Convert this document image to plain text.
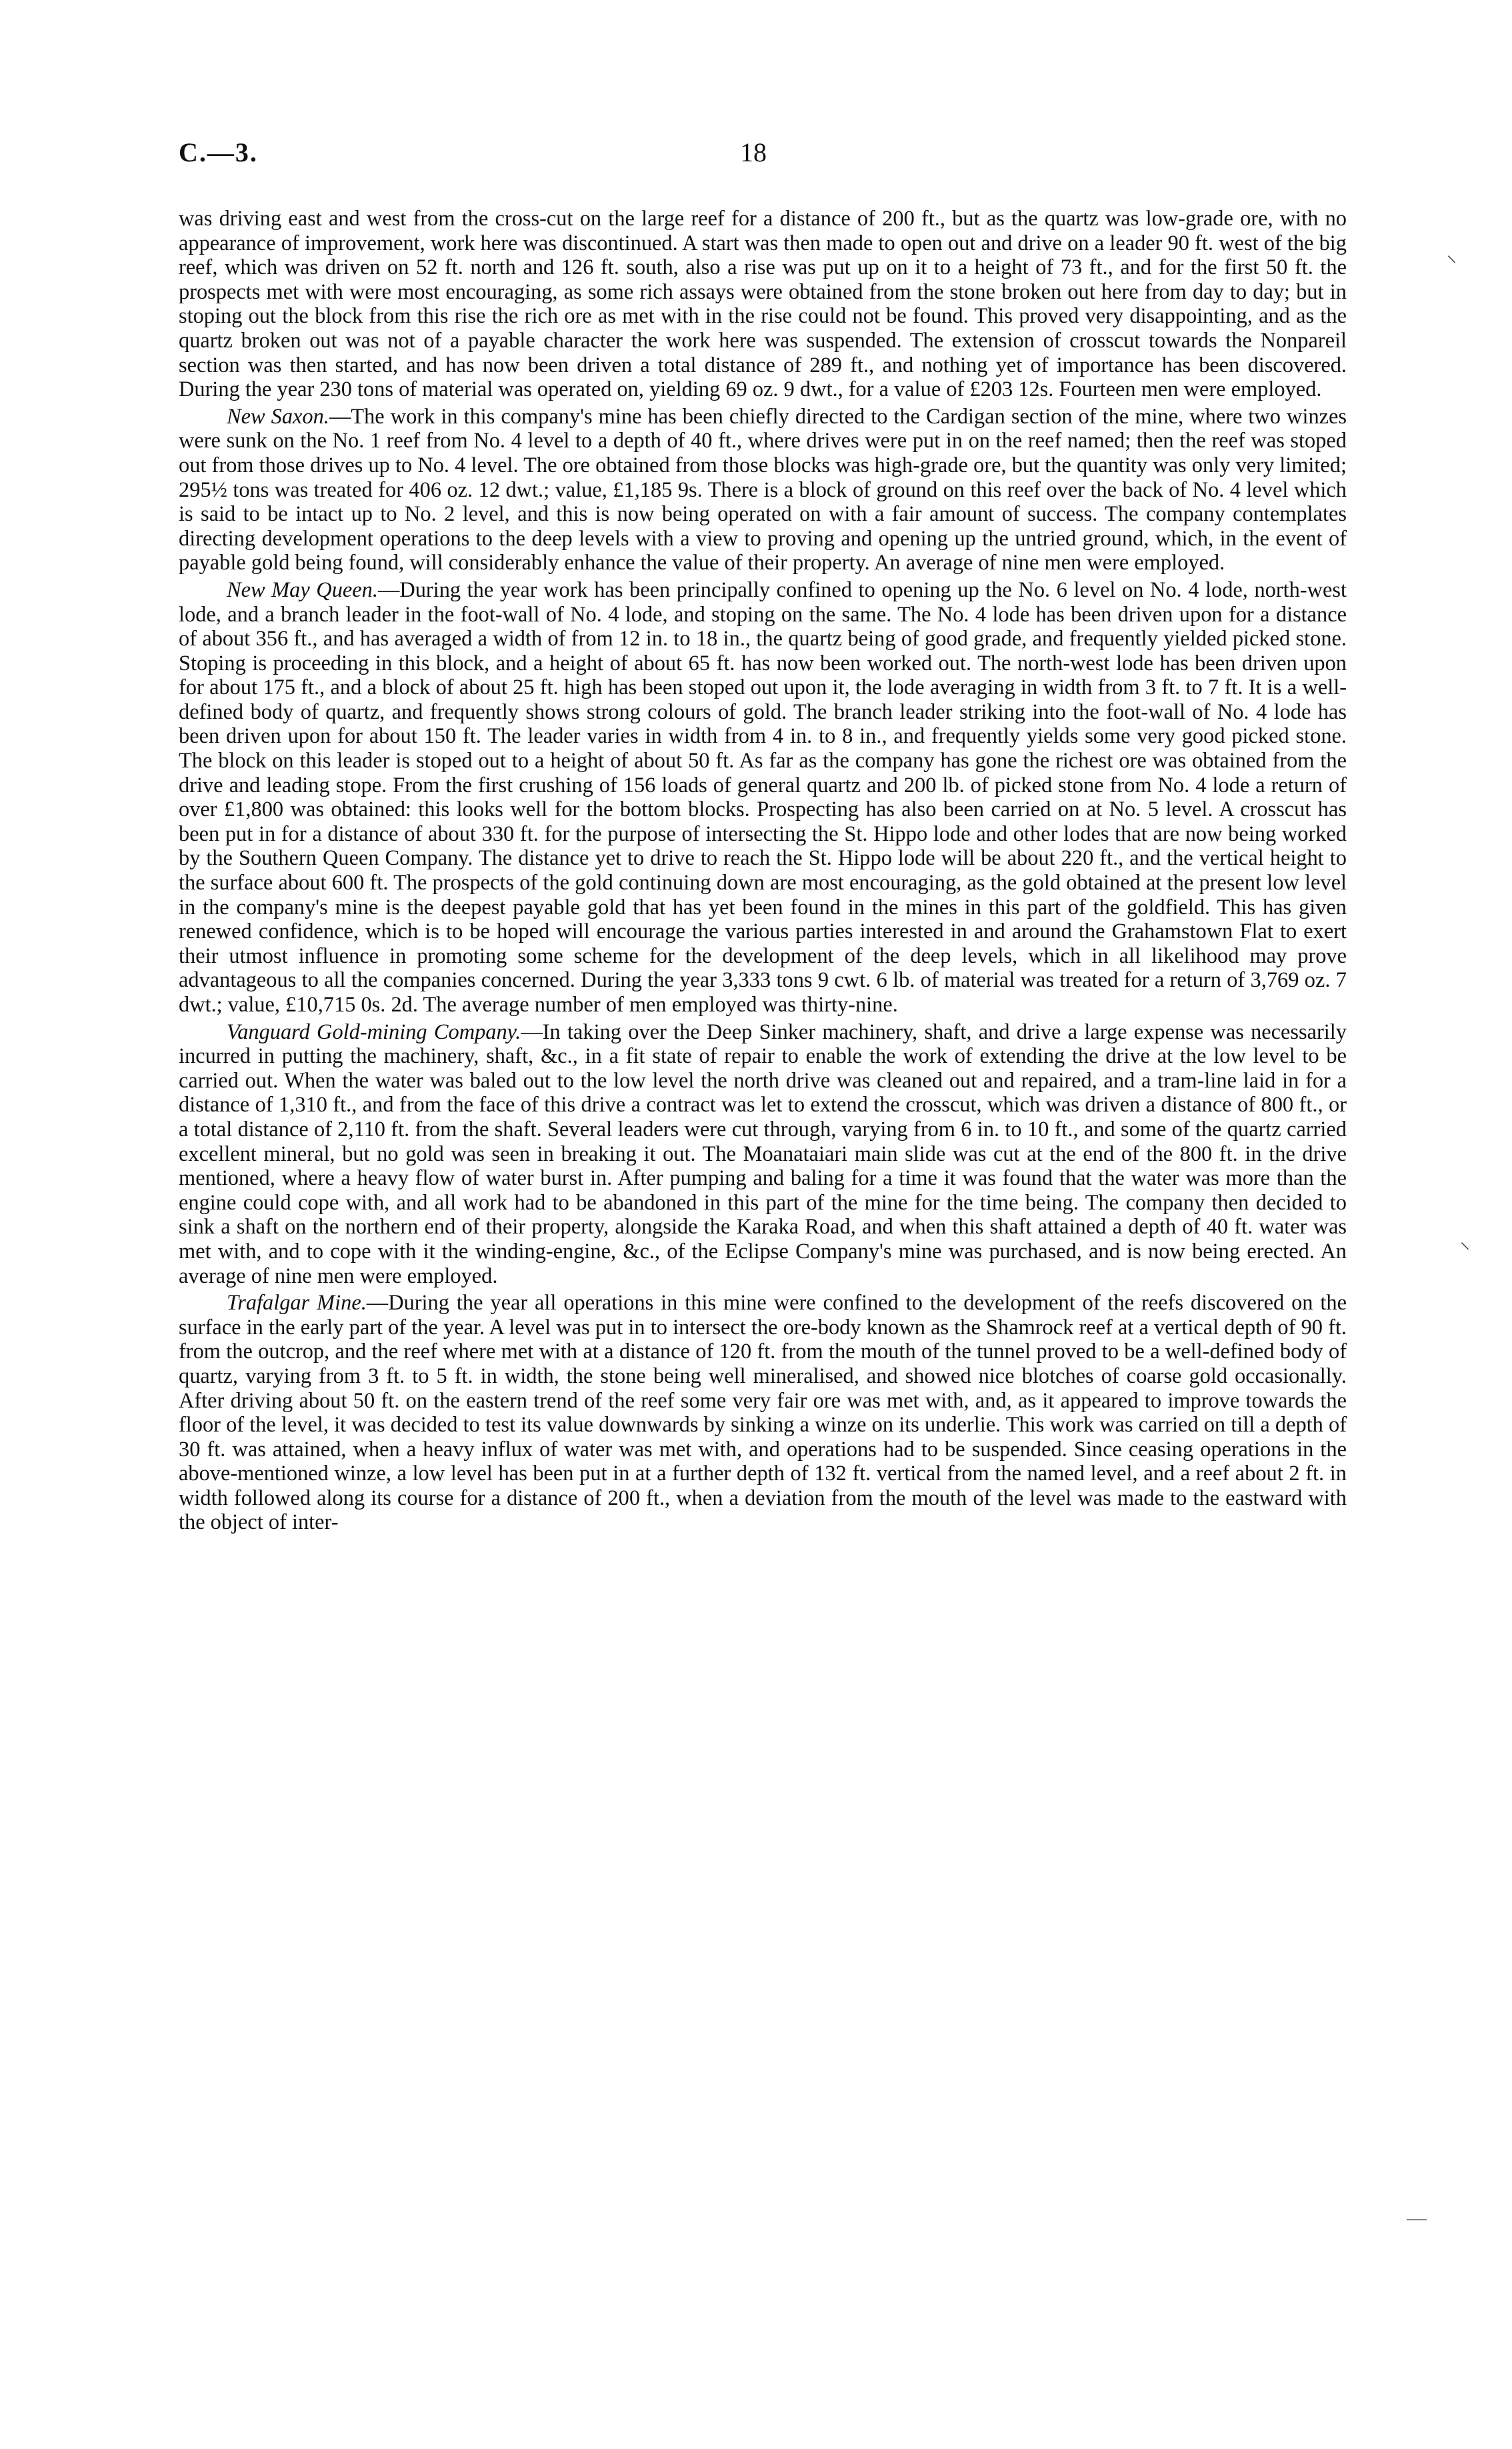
C.—3.	18

was driving east and west from the cross-cut on the large reef for a distance of 200 ft., but as the quartz was low-grade ore, with no appearance of improvement, work here was discontinued. A start was then made to open out and drive on a leader 90 ft. west of the big reef, which was driven on 52 ft. north and 126 ft. south, also a rise was put up on it to a height of 73 ft., and for the first 50 ft. the prospects met with were most encouraging, as some rich assays were obtained from the stone broken out here from day to day; but in stoping out the block from this rise the rich ore as met with in the rise could not be found. This proved very disappointing, and as the quartz broken out was not of a payable character the work here was suspended. The extension of crosscut towards the Nonpareil section was then started, and has now been driven a total distance of 289 ft., and nothing yet of importance has been discovered. During the year 230 tons of material was operated on, yielding 69 oz. 9 dwt., for a value of £203 12s. Fourteen men were employed.

New Saxon.—The work in this company's mine has been chiefly directed to the Cardigan section of the mine, where two winzes were sunk on the No. 1 reef from No. 4 level to a depth of 40 ft., where drives were put in on the reef named; then the reef was stoped out from those drives up to No. 4 level. The ore obtained from those blocks was high-grade ore, but the quantity was only very limited; 295½ tons was treated for 406 oz. 12 dwt.; value, £1,185 9s. There is a block of ground on this reef over the back of No. 4 level which is said to be intact up to No. 2 level, and this is now being operated on with a fair amount of success. The company contemplates directing development operations to the deep levels with a view to proving and opening up the untried ground, which, in the event of payable gold being found, will considerably enhance the value of their property. An average of nine men were employed.

New May Queen.—During the year work has been principally confined to opening up the No. 6 level on No. 4 lode, north-west lode, and a branch leader in the foot-wall of No. 4 lode, and stoping on the same. The No. 4 lode has been driven upon for a distance of about 356 ft., and has averaged a width of from 12 in. to 18 in., the quartz being of good grade, and frequently yielded picked stone. Stoping is proceeding in this block, and a height of about 65 ft. has now been worked out. The north-west lode has been driven upon for about 175 ft., and a block of about 25 ft. high has been stoped out upon it, the lode averaging in width from 3 ft. to 7 ft. It is a well-defined body of quartz, and frequently shows strong colours of gold. The branch leader striking into the foot-wall of No. 4 lode has been driven upon for about 150 ft. The leader varies in width from 4 in. to 8 in., and frequently yields some very good picked stone. The block on this leader is stoped out to a height of about 50 ft. As far as the company has gone the richest ore was obtained from the drive and leading stope. From the first crushing of 156 loads of general quartz and 200 lb. of picked stone from No. 4 lode a return of over £1,800 was obtained: this looks well for the bottom blocks. Prospecting has also been carried on at No. 5 level. A crosscut has been put in for a distance of about 330 ft. for the purpose of intersecting the St. Hippo lode and other lodes that are now being worked by the Southern Queen Company. The distance yet to drive to reach the St. Hippo lode will be about 220 ft., and the vertical height to the surface about 600 ft. The prospects of the gold continuing down are most encouraging, as the gold obtained at the present low level in the company's mine is the deepest payable gold that has yet been found in the mines in this part of the goldfield. This has given renewed confidence, which is to be hoped will encourage the various parties interested in and around the Grahamstown Flat to exert their utmost influence in promoting some scheme for the development of the deep levels, which in all likelihood may prove advantageous to all the companies concerned. During the year 3,333 tons 9 cwt. 6 lb. of material was treated for a return of 3,769 oz. 7 dwt.; value, £10,715 0s. 2d. The average number of men employed was thirty-nine.

Vanguard Gold-mining Company.—In taking over the Deep Sinker machinery, shaft, and drive a large expense was necessarily incurred in putting the machinery, shaft, &c., in a fit state of repair to enable the work of extending the drive at the low level to be carried out. When the water was baled out to the low level the north drive was cleaned out and repaired, and a tram-line laid in for a distance of 1,310 ft., and from the face of this drive a contract was let to extend the crosscut, which was driven a distance of 800 ft., or a total distance of 2,110 ft. from the shaft. Several leaders were cut through, varying from 6 in. to 10 ft., and some of the quartz carried excellent mineral, but no gold was seen in breaking it out. The Moanataiari main slide was cut at the end of the 800 ft. in the drive mentioned, where a heavy flow of water burst in. After pumping and baling for a time it was found that the water was more than the engine could cope with, and all work had to be abandoned in this part of the mine for the time being. The company then decided to sink a shaft on the northern end of their property, alongside the Karaka Road, and when this shaft attained a depth of 40 ft. water was met with, and to cope with it the winding-engine, &c., of the Eclipse Company's mine was purchased, and is now being erected. An average of nine men were employed.

Trafalgar Mine.—During the year all operations in this mine were confined to the development of the reefs discovered on the surface in the early part of the year. A level was put in to intersect the ore-body known as the Shamrock reef at a vertical depth of 90 ft. from the outcrop, and the reef where met with at a distance of 120 ft. from the mouth of the tunnel proved to be a well-defined body of quartz, varying from 3 ft. to 5 ft. in width, the stone being well mineralised, and showed nice blotches of coarse gold occasionally. After driving about 50 ft. on the eastern trend of the reef some very fair ore was met with, and, as it appeared to improve towards the floor of the level, it was decided to test its value downwards by sinking a winze on its underlie. This work was carried on till a depth of 30 ft. was attained, when a heavy influx of water was met with, and operations had to be suspended. Since ceasing operations in the above-mentioned winze, a low level has been put in at a further depth of 132 ft. vertical from the named level, and a reef about 2 ft. in width followed along its course for a distance of 200 ft., when a deviation from the mouth of the level was made to the eastward with the object of inter-

⸜
⸜
—
